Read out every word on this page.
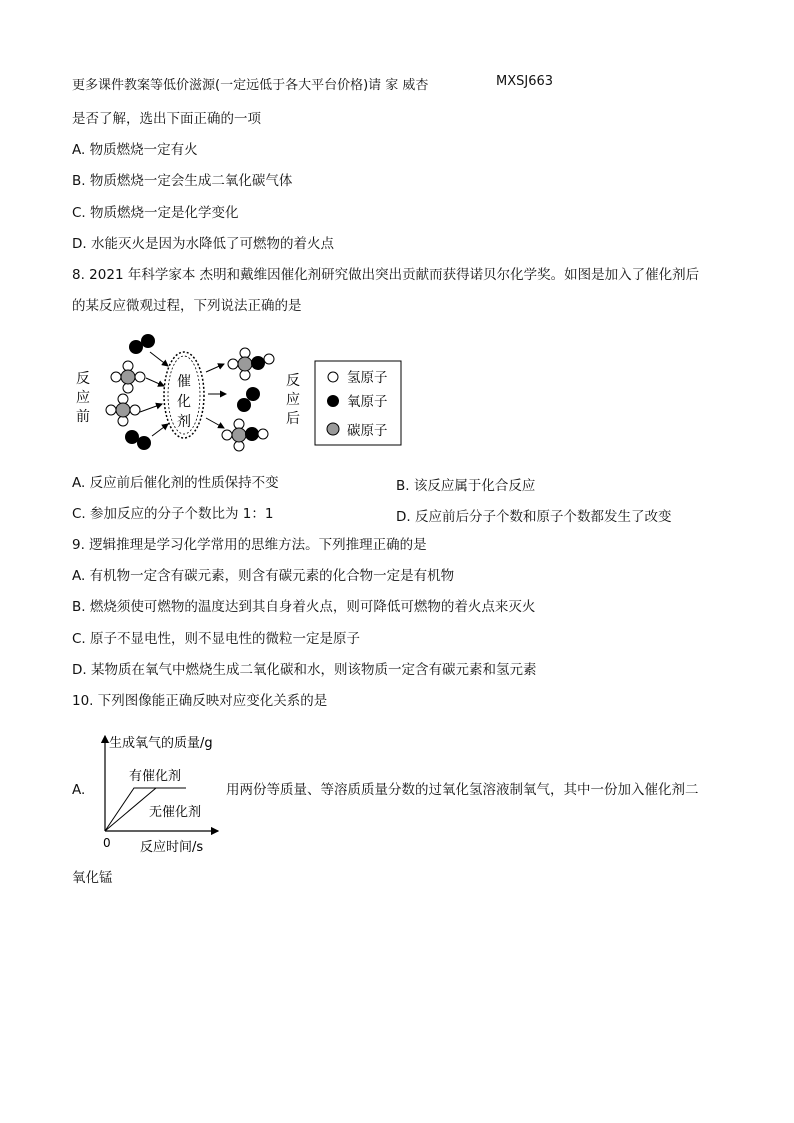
更多课件教案等低价滋源(一定远低于各大平台价格)请 家 威杏	MXSJ663
是否了解，选出下面正确的一项
A. 物质燃烧一定有火
B. 物质燃烧一定会生成二氧化碳气体
C. 物质燃烧一定是化学变化
D. 水能灭火是因为水降低了可燃物的着火点
8. 2021 年科学家本 杰明和戴维因催化剂研究做出突出贡献而获得诺贝尔化学奖。如图是加入了催化剂后
的某反应微观过程，下列说法正确的是
反
应
前
催
化
剂
反
应
后
氢原子
氧原子
碳原子
A. 反应前后催化剂的性质保持不变	B. 该反应属于化合反应
C. 参加反应的分子个数比为 1：1	D. 反应前后分子个数和原子个数都发生了改变
9. 逻辑推理是学习化学常用的思维方法。下列推理正确的是
A. 有机物一定含有碳元素，则含有碳元素的化合物一定是有机物
B. 燃烧须使可燃物的温度达到其自身着火点，则可降低可燃物的着火点来灭火
C. 原子不显电性，则不显电性的微粒一定是原子
D. 某物质在氧气中燃烧生成二氧化碳和水，则该物质一定含有碳元素和氢元素
10. 下列图像能正确反映对应变化关系的是
A.
生成氧气的质量/g
0 反应时间/s
有催化剂
无催化剂
用两份等质量、等溶质质量分数的过氧化氢溶液制氧气，其中一份加入催化剂二
氧化锰
